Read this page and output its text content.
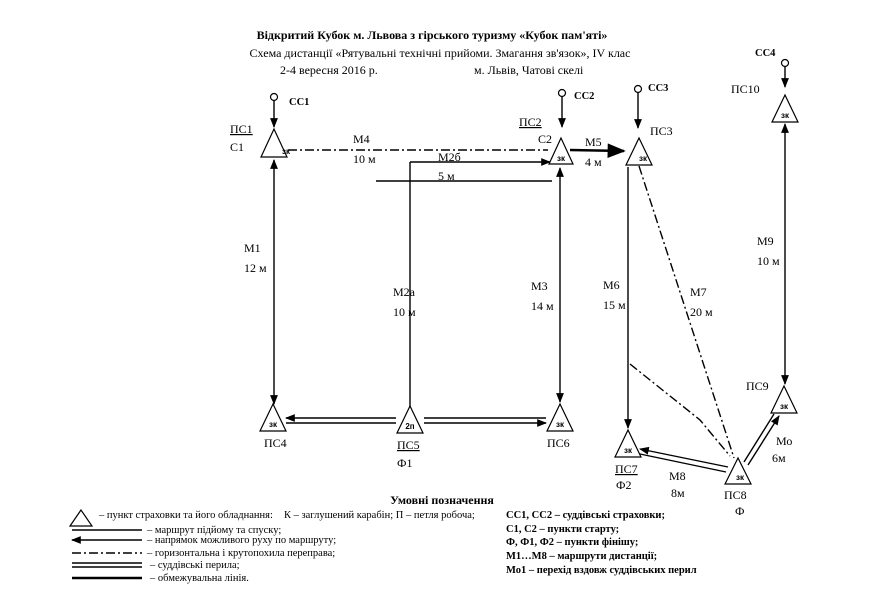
Відкритий Кубок м. Львова з гірського туризму «Кубок пам'яті»
Схема дистанції «Рятувальні технічні прийоми. Змагання зв'язок», IV клас
2-4 вересня 2016 р.	м. Львів, Чатові скелі
СС1
СС2
СС3
СС4
М4
10 м	М2б
5 м
М5
4 м
М1
12 м
М2а
10 м
М3
14 м
М6
15 м
М7
20 м
М9
10 м
М8
8м
Мо
6м
зк
ПС1
С1
зк
ПС2
С2
зк
ПС3
зк
ПС4
2п
ПС5
Ф1
зк
ПС6
зк
ПС7
Ф2
зк
ПС8
Ф
зк
ПС9
зк
ПС10
Умовні позначення
– пункт страховки та його обладнання: К – заглушений карабін; П – петля робоча;
– маршрут підйому та спуску;
– напрямок можливого руху по маршруту;
– горизонтальна і крутопохила переправа;
– суддівські перила;
– обмежувальна лінія.
СС1, СС2 – суддівські страховки;
С1, С2 – пункти старту;
Ф, Ф1, Ф2 – пункти фінішу;
М1…М8 – маршрути дистанції;
Мо1 – перехід вздовж суддівських перил
